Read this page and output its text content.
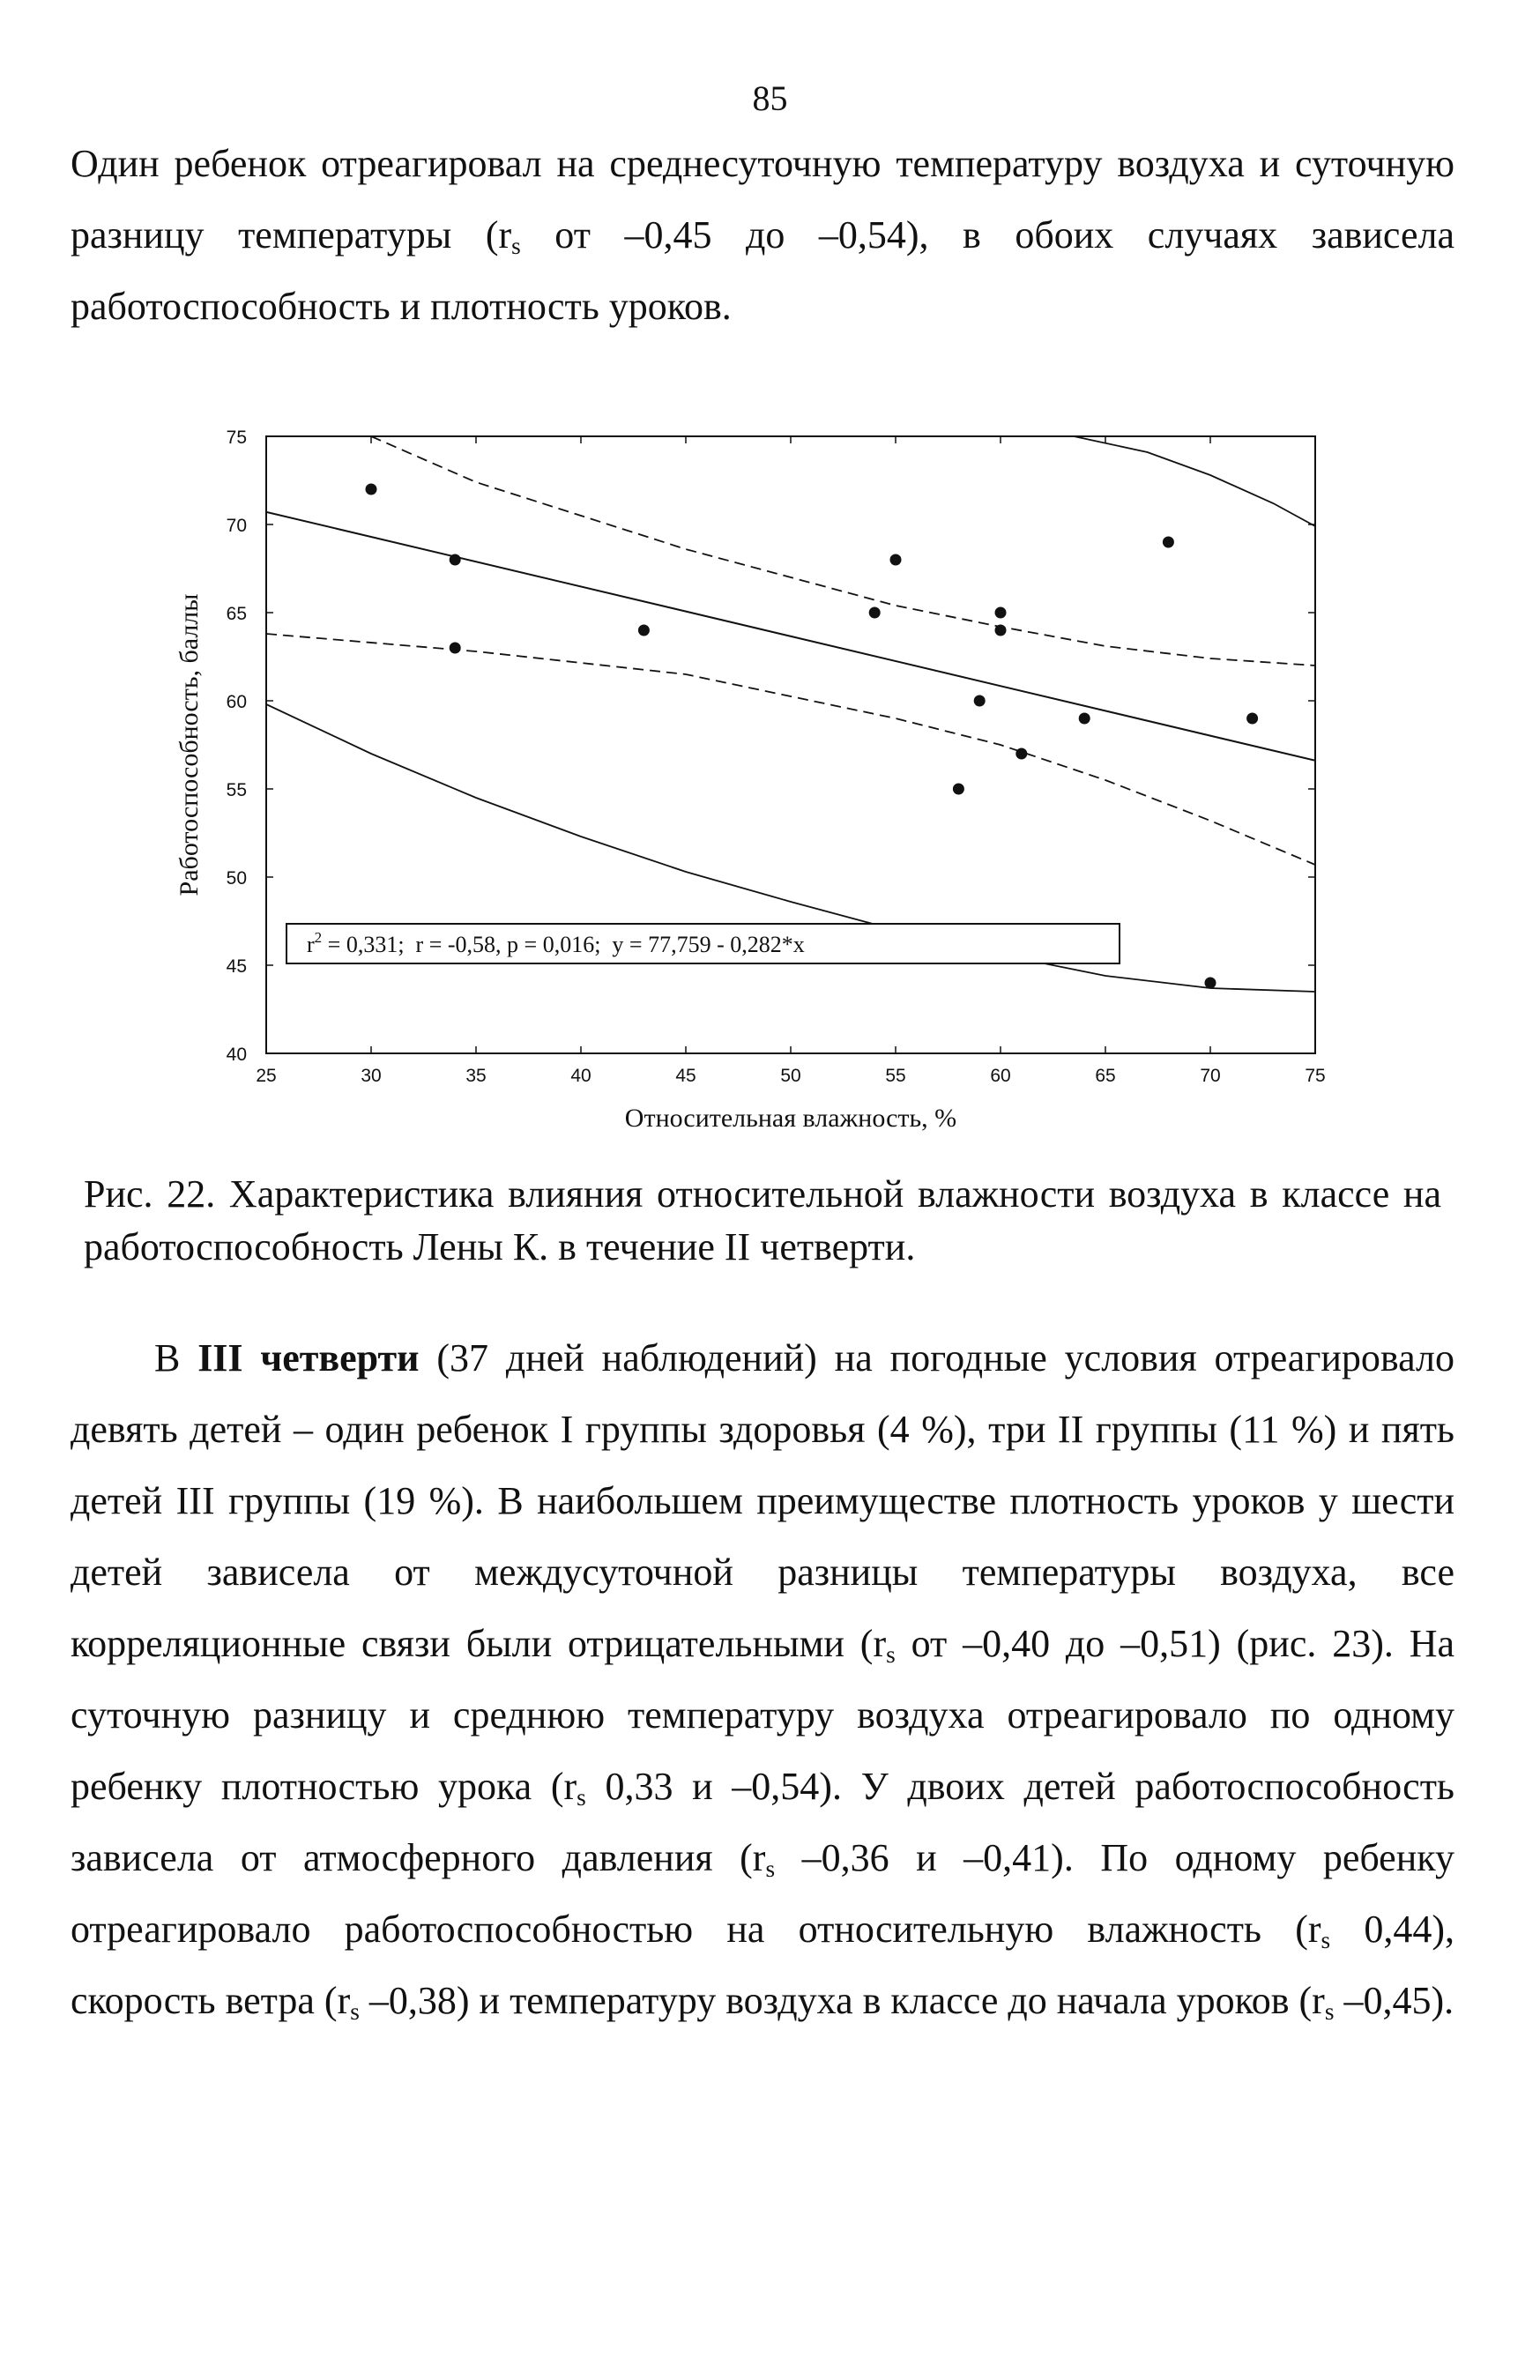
85

Один ребенок отреагировал на среднесуточную температуру воздуха и суточную разницу температуры ($r_s$ от –0,45 до –0,54), в обоих случаях зависела работоспособность и плотность уроков.

25	30	35	40	45	50	55	60	65	70	75
40
45
50
55
60
65
70
75
$r^2 = 0,331$;  r = -0,58, p = 0,016;  y = 77,759 - 0,282*x
Относительная влажность, %
Работоспособность, баллы

Рис. 22. Характеристика влияния относительной влажности воздуха в классе на работоспособность Лены К. в течение II четверти.

В III четверти (37 дней наблюдений) на погодные условия отреагировало девять детей – один ребенок I группы здоровья (4 %), три II группы (11 %) и пять детей III группы (19 %). В наибольшем преимуществе плотность уроков у шести детей зависела от междусуточной разницы температуры воздуха, все корреляционные связи были отрицательными ($r_s$ от –0,40 до –0,51) (рис. 23). На суточную разницу и среднюю температуру воздуха отреагировало по одному ребенку плотностью урока ($r_s$ 0,33 и –0,54). У двоих детей работоспособность зависела от атмосферного давления ($r_s$ –0,36 и –0,41). По одному ребенку отреагировало работоспособностью на относительную влажность ($r_s$ 0,44), скорость ветра ($r_s$ –0,38) и температуру воздуха в классе до начала уроков ($r_s$ –0,45).
